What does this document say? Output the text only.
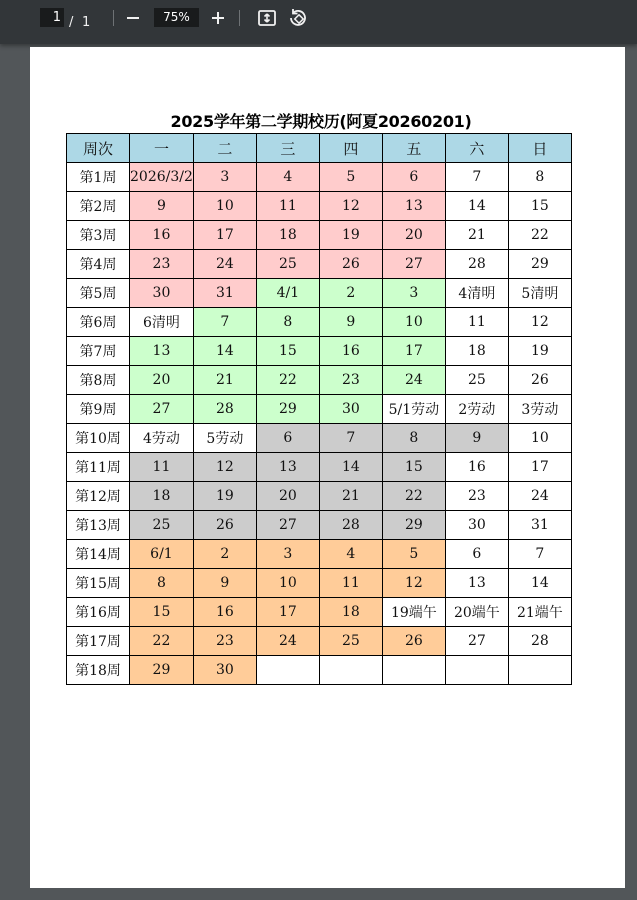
1 / 1	75%
2025学年第二学期校历(阿夏20260201)
周次	一	二	三	四	五	六	日
第1周	2026/3/2	3	4	5	6	7	8
第2周	9	10	11	12	13	14	15
第3周	16	17	18	19	20	21	22
第4周	23	24	25	26	27	28	29
第5周	30	31	4/1	2	3	4清明	5清明
第6周	6清明	7	8	9	10	11	12
第7周	13	14	15	16	17	18	19
第8周	20	21	22	23	24	25	26
第9周	27	28	29	30	5/1劳动	2劳动	3劳动
第10周	4劳动	5劳动	6	7	8	9	10
第11周	11	12	13	14	15	16	17
第12周	18	19	20	21	22	23	24
第13周	25	26	27	28	29	30	31
第14周	6/1	2	3	4	5	6	7
第15周	8	9	10	11	12	13	14
第16周	15	16	17	18	19端午	20端午	21端午
第17周	22	23	24	25	26	27	28
第18周	29	30					
